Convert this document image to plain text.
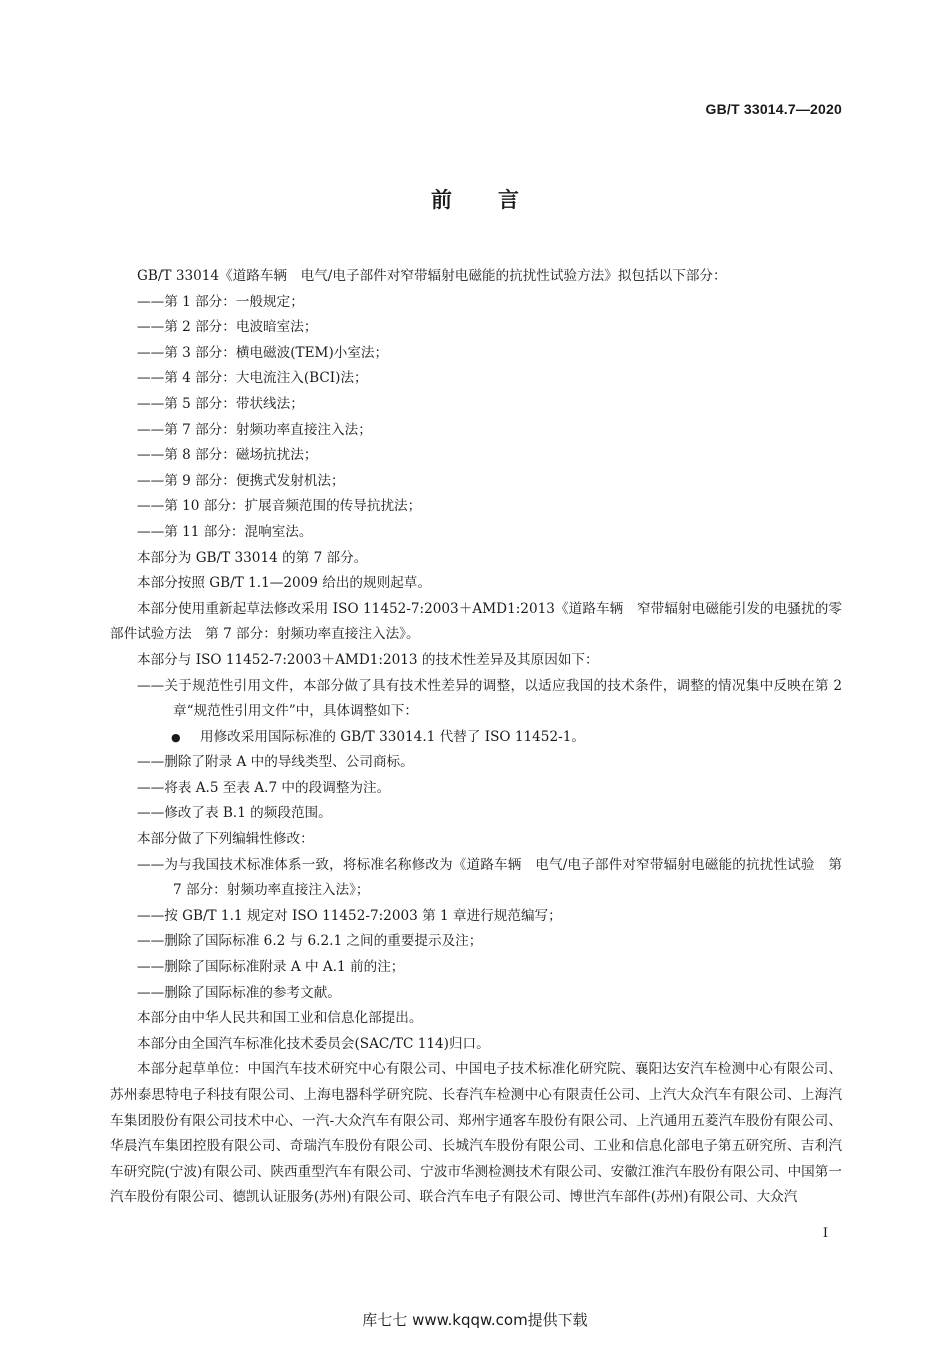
GB/T 33014.7—2020
前言

GB/T 33014《道路车辆　电气/电子部件对窄带辐射电磁能的抗扰性试验方法》拟包括以下部分：

——第 1 部分：一般规定；

——第 2 部分：电波暗室法；

——第 3 部分：横电磁波(TEM)小室法；

——第 4 部分：大电流注入(BCI)法；

——第 5 部分：带状线法；

——第 7 部分：射频功率直接注入法；

——第 8 部分：磁场抗扰法；

——第 9 部分：便携式发射机法；

——第 10 部分：扩展音频范围的传导抗扰法；

——第 11 部分：混响室法。

本部分为 GB/T 33014 的第 7 部分。

本部分按照 GB/T 1.1—2009 给出的规则起草。

本部分使用重新起草法修改采用 ISO 11452-7:2003＋AMD1:2013《道路车辆　窄带辐射电磁能引发的电骚扰的零部件试验方法　第 7 部分：射频功率直接注入法》。

本部分与 ISO 11452-7:2003＋AMD1:2013 的技术性差异及其原因如下：

——关于规范性引用文件，本部分做了具有技术性差异的调整，以适应我国的技术条件，调整的情况集中反映在第 2 章“规范性引用文件”中，具体调整如下：

● 用修改采用国际标准的 GB/T 33014.1 代替了 ISO 11452-1。

——删除了附录 A 中的导线类型、公司商标。

——将表 A.5 至表 A.7 中的段调整为注。

——修改了表 B.1 的频段范围。

本部分做了下列编辑性修改：

——为与我国技术标准体系一致，将标准名称修改为《道路车辆　电气/电子部件对窄带辐射电磁能的抗扰性试验　第 7 部分：射频功率直接注入法》；

——按 GB/T 1.1 规定对 ISO 11452-7:2003 第 1 章进行规范编写；

——删除了国际标准 6.2 与 6.2.1 之间的重要提示及注；

——删除了国际标准附录 A 中 A.1 前的注；

——删除了国际标准的参考文献。

本部分由中华人民共和国工业和信息化部提出。

本部分由全国汽车标准化技术委员会(SAC/TC 114)归口。

本部分起草单位：中国汽车技术研究中心有限公司、中国电子技术标准化研究院、襄阳达安汽车检测中心有限公司、苏州泰思特电子科技有限公司、上海电器科学研究院、长春汽车检测中心有限责任公司、上汽大众汽车有限公司、上海汽车集团股份有限公司技术中心、一汽-大众汽车有限公司、郑州宇通客车股份有限公司、上汽通用五菱汽车股份有限公司、华晨汽车集团控股有限公司、奇瑞汽车股份有限公司、长城汽车股份有限公司、工业和信息化部电子第五研究所、吉利汽车研究院(宁波)有限公司、陕西重型汽车有限公司、宁波市华测检测技术有限公司、安徽江淮汽车股份有限公司、中国第一汽车股份有限公司、德凯认证服务(苏州)有限公司、联合汽车电子有限公司、博世汽车部件(苏州)有限公司、大众汽

I
库七七 www.kqqw.com提供下载
